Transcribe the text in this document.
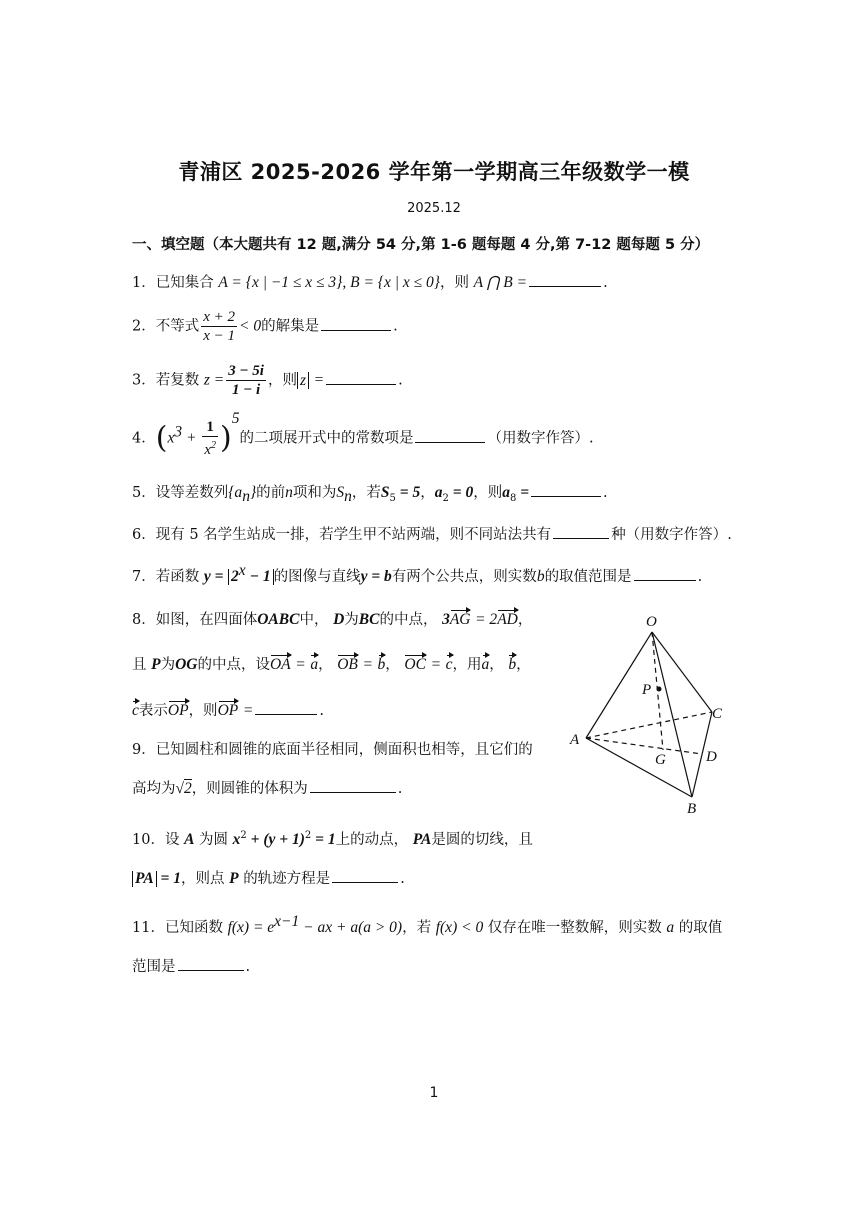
青浦区 2025-2026 学年第一学期高三年级数学一模
2025.12
一、填空题（本大题共有 12 题,满分 54 分,第 1-6 题每题 4 分,第 7-12 题每题 5 分）
1．已知集合 A = {x | −1 ≤ x ≤ 3}, B = {x | x ≤ 0}，则 A ⋂ B =	.
2．不等式 $\frac{x + 2}{x - 1} < 0$的解集是	.
3．若复数 $z = \frac{3 - 5i}{1 - i}$ ，则 z =	.
4．$(x^3 + \frac{1}{x^2} )^5$的二项展开式中的常数项是	（用数字作答）.
5．设等差数列$\{a_n\}$的前n项和为$S_n$，若$S_5 = 5$，$a_2 = 0$，则$a_8$ =	.
6．现有 5 名学生站成一排，若学生甲不站两端，则不同站法共有	种（用数字作答）.
7．若函数 $y = 2^x - 1$ 的图像与直线y = b有两个公共点，则实数b的取值范围是	.
8．如图，在四面体OABC中， D为BC的中点， 3AG = 2AD，
且 P为OG的中点，设OA = a， OB = b， OC = c，用a， b，
c表示OP，则OP =	.
9．已知圆柱和圆锥的底面半径相同，侧面积也相等，且它们的
高均为√2，则圆锥的体积为	.
10．设 A 为圆 $x^2 + (y + 1)^2 = 1$上的动点， PA是圆的切线，且
PA = 1，则点 P 的轨迹方程是	.
11．已知函数 $f(x) = e^{x-1}$ − ax + a(a > 0)，若 f(x) < 0 仅存在唯一整数解，则实数 a 的取值
范围是	.
O
A
B
C
D
G
P
1
